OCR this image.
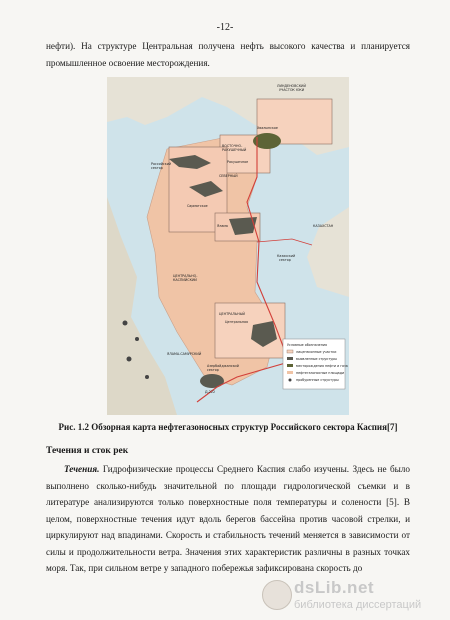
-12-
нефти). На структуре Центральная получена нефть высокого качества и планируется промышленное освоение месторождения.
ЛИНДЕНОВСКИЙ
УЧАСТОК ЮКИ
Хвалынское
ВОСТОЧНО-
РАКУШЕЧНЫЙ
Ракушечное
Российский
сектор
СЕВЕРНЫЙ
Сарматское
Ялама	КАЗАХСТАН
Казахский
сектор
ЦЕНТРАЛЬНО-
КАСПИЙСКИЙ
ЦЕНТРАЛЬНЫЙ
Центральная
ЯЛАМА-САМУРСКИЙ
Азербайджанский
сектор
Д-222
Условные обозначения
лицензионные участки
выявленные структуры
месторождения нефти и газа
нефтегазоносные площади
пробуренные структуры
Рис. 1.2 Обзорная карта нефтегазоносных структур Российского сектора Каспия[7]
Течения и сток рек
Течения. Гидрофизические процессы Среднего Каспия слабо изучены. Здесь не было выполнено сколько-нибудь значительной по площади гидрологической съемки и в литературе анализируются только поверхностные поля температуры и солености [5]. В целом, поверхностные течения идут вдоль берегов бассейна против часовой стрелки, и циркулируют над впадинами. Скорость и стабильность течений меняется в зависимости от силы и продолжительности ветра. Значения этих характеристик различны в разных точках моря. Так, при сильном ветре у западного побережья зафиксирована скорость до
dsLib.net
библиотека диссертаций
